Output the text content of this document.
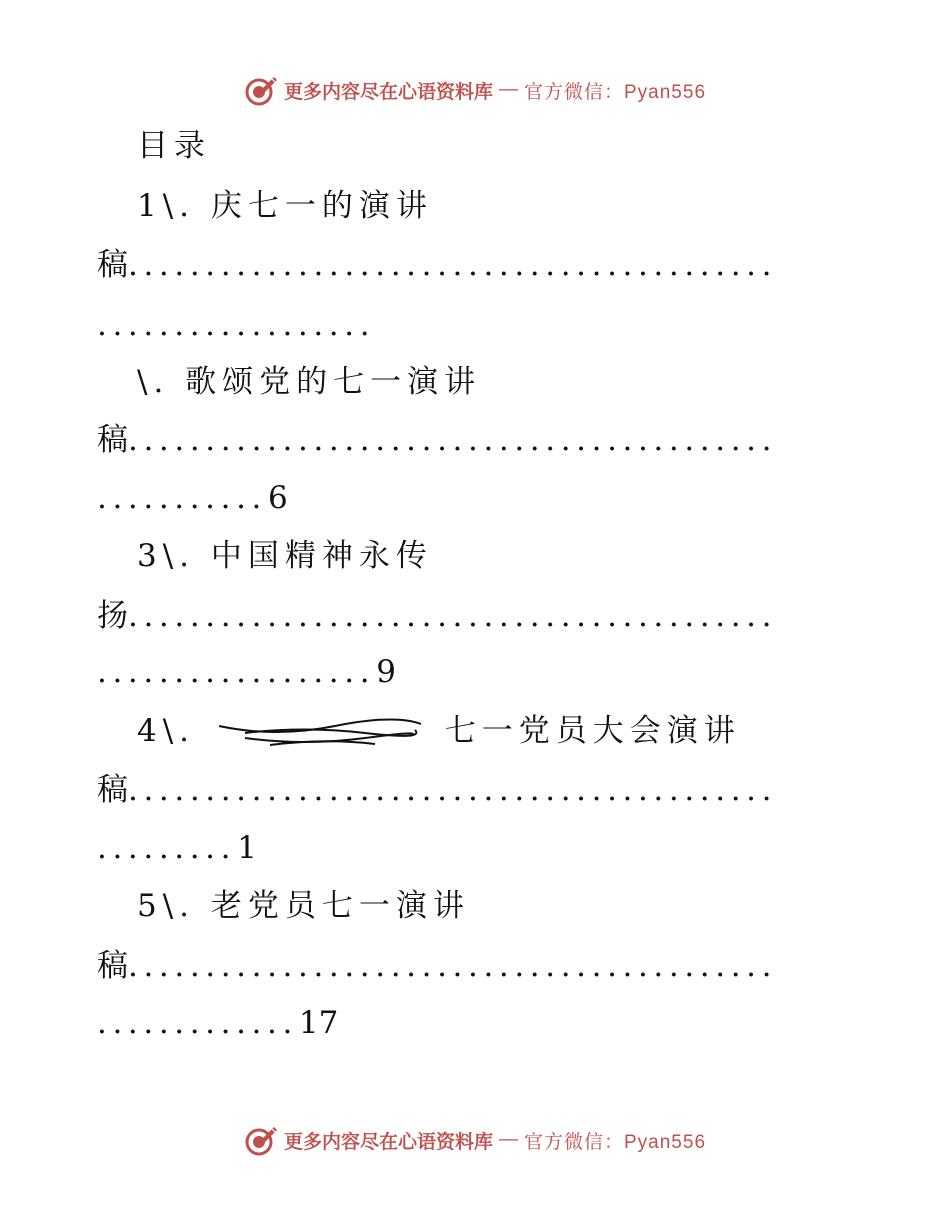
更多内容尽在心语资料库 — 官方微信：Pyan556
目录
1\. 庆七一的演讲
稿..........................................
..................
\. 歌颂党的七一演讲
稿..........................................
...........6
3\. 中国精神永传
扬..........................................
..................9
4\.	七一党员大会演讲
稿..........................................
.........1
5\. 老党员七一演讲
稿..........................................
.............17
更多内容尽在心语资料库 — 官方微信：Pyan556
